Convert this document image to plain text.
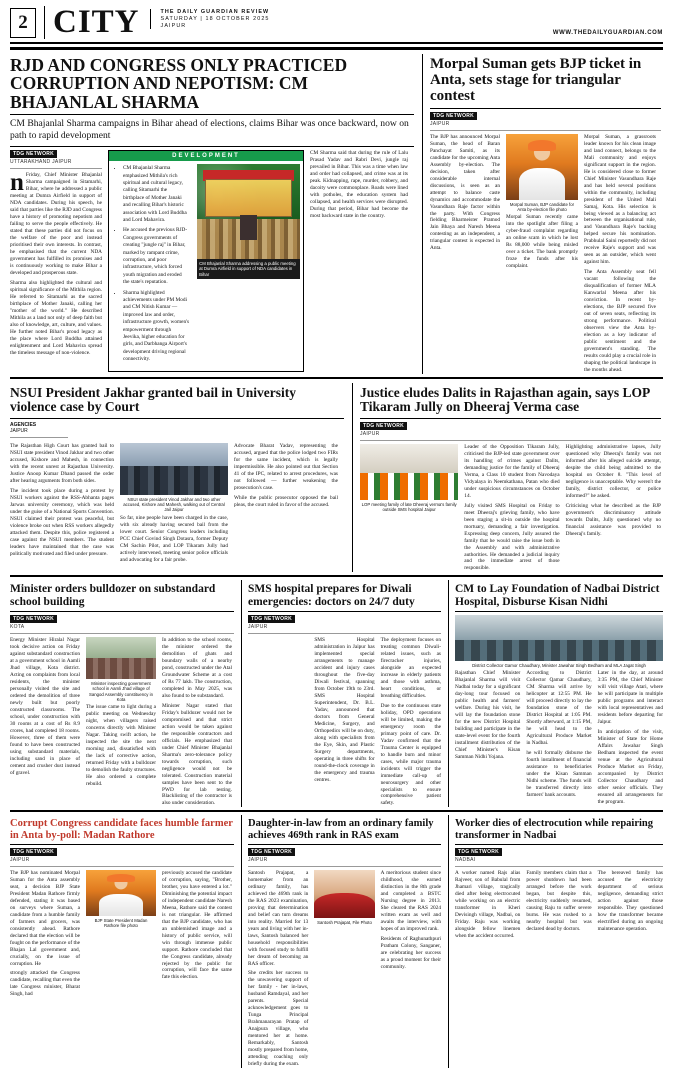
2 CITY	THE DAILY GUARDIAN REVIEW
SATURDAY | 18 OCTOBER 2025
JAIPUR
WWW.THEDAILYGUARDIAN.COM
RJD AND CONGRESS ONLY PRACTICED CORRUPTION AND NEPOTISM: CM BHAJANLAL SHARMA
CM Bhajanlal Sharma campaigns in Bihar ahead of elections, claims Bihar was once backward, now on path to rapid development
TDG NETWORK
UTTARAKHAND JAIPUR
nFriday, Chief Minister Bhajanlal Sharma campaigned in Sitamarhi, Bihar, where he addressed a public meeting at Dumra Airfield in support of NDA candidates. During his speech, he said that parties like the RJD and Congress have a history of promoting nepotism and failing to serve the people effectively. He stated that these parties did not focus on the welfare of the poor and instead prioritised their own interests. In contrast, he emphasised that the current NDA government has fulfilled its promises and is continuously working to make Bihar a developed and prosperous state.
Sharma also highlighted the cultural and spiritual significance of the Mithila region. He referred to Sitamarhi as the sacred birthplace of Mother Janaki, calling her "mother of the world." He described Mithila as a land not only of deep faith but also of knowledge, art, culture, and values. He further noted Bihar's proud legacy as the place where Lord Buddha attained enlightenment and Lord Mahavira spread the timeless message of non-violence.
DEVELOPMENT
• CM Bhajanlal Sharma emphasized Mithila's rich spiritual and cultural legacy, calling Sitamarhi the birthplace of Mother Janaki and recalling Bihar's historic association with Lord Buddha and Lord Mahavira.
• He accused the previous RJD-Congress governments of creating "jungle raj" in Bihar, marked by rampant crime, corruption, and poor infrastructure, which forced youth migration and eroded the state's reputation.
• Sharma highlighted achievements under PM Modi and CM Nitish Kumar — improved law and order, infrastructure growth, women's empowerment through Jeevika, higher education for girls, and Darbhanga Airport's development driving regional connectivity.
CM Bhajanlal Sharma addressing a public meeting at Dumra Airfield in support of NDA candidates in Bihar
CM Sharma said that during the rule of Lalu Prasad Yadav and Rabri Devi, jungle raj prevailed in Bihar. This was a time when law and order had collapsed, and crime was at its peak. Kidnapping, rape, murder, robbery, and dacoity were commonplace. Roads were lined with potholes, the education system had collapsed, and health services were disrupted. During that period, Bihar had become the most backward state in the country.
Morpal Suman gets BJP ticket in Anta, sets stage for triangular contest
TDG NETWORK
JAIPUR
The BJP has announced Morpal Suman, the head of Baran Panchayat Samiti, as its candidate for the upcoming Anta Assembly by-election. The decision, taken after considerable internal discussions, is seen as an attempt to balance caste dynamics and accommodate the Vasundhara Raje factor within the party. With Congress fielding Bharmeister Pramod Jain Bhaya and Naresh Meena contesting as an independent, a triangular contest is expected in Anta.
Morpal Suman, BJP candidate for Anta by-election file photo
Morpal Suman recently came into the spotlight after filing a cyber-fraud complaint regarding an online scam in which he lost Rs 88,000 while being misled over a ticket. The bank promptly froze the funds after his complaint.
Morpal Suman, a grassroots leader known for his clean image and land connect, belongs to the Mali community and enjoys significant support in the region. He is considered close to former Chief Minister Vasundhara Raje and has held several positions within the community, including president of the United Mali Samaj, Kota. His selection is being viewed as a balancing act between the organisational rule, and Vasundhara Raje's backing helped secure his nomination. Prabhulal Saini reportedly did not receive Raje's support and was seen as an outsider, which went against him.
The Anta Assembly seat fell vacant following the disqualification of former MLA Kanwarlal Meena after his conviction. In recent by-elections, the BJP secured five out of seven seats, reflecting its strong performance. Political observers view the Anta by-election as a key indicator of public sentiment and the government's standing. The results could play a crucial role in shaping the political landscape in the months ahead.
NSUI President Jakhar granted bail in University violence case by Court
AGENCIES
JAIPUR
The Rajasthan High Court has granted bail to NSUI state president Vinod Jakhar and two other accused, Kishore and Mahesh, in connection with the recent unrest at Rajasthan University. Justice Anoop Kumar Dhand passed the order after hearing arguments from both sides.
The incident took place during a protest by NSUI workers against the RSS-Abhanta pages Jarwas university ceremony, which was held under the guise of a National Sports Convention. NSUI claimed their protest was peaceful, but violence broke out when RSS workers allegedly attacked them. Despite this, police registered a case against the NSUI members. The student leaders have maintained that the case was politically motivated and filed under pressure.
NSUI state president Vinod Jakhar and two other accused, Kishore and Mahesh, walking out of Central Jail Jaipur
So far, nine people have been charged in the case, with six already having secured bail from the lower court. Senior Congress leaders including PCC Chief Govind Singh Dotasra, former Deputy CM Sachin Pilot, and LOP Tikaram Jully had actively intervened, meeting senior police officials and advocating for a fair probe.
Advocate Bharat Yadav, representing the accused, argued that the police lodged two FIRs for the same incident, which is legally impermissible. He also pointed out that Section 41 of the IPC, related to arrest procedures, was not followed — further weakening the prosecution's case.
While the public prosecutor opposed the bail pleas, the court ruled in favor of the accused.
Justice eludes Dalits in Rajasthan again, says LOP Tikaram Jully on Dheeraj Verma case
TDG NETWORK
JAIPUR
LOP meeting family of late Dheeraj verma's family outside SMS hospital Jaipur
Leader of the Opposition Tikaram Jully, criticised the BJP-led state government over its handling of crimes against Dalits, demanding justice for the family of Dheeraj Verma, a Class 10 student from Navodaya Vidyalaya in Neemkathana, Patan who died under suspicious circumstances on October 14.
Jully visited SMS Hospital on Friday to meet Dheeraj's grieving family, who have been staging a sit-in outside the hospital mortuary, demanding a fair investigation. Expressing deep concern, Jully assured the family that he would raise the issue both in the Assembly and with administrative authorities. He demanded a judicial inquiry and the immediate arrest of those responsible.
Highlighting administrative lapses, Jully questioned why Dheeraj's family was not informed after his alleged suicide attempt, despite the child being admitted to the hospital on October 8. "This level of negligence is unacceptable. Why weren't the family, district collector, or police informed?" he asked.
Criticising what he described as the BJP government's discriminatory attitude towards Dalits, Jully questioned why no financial assistance was provided to Dheeraj's family.
Minister orders bulldozer on substandard school building
TDG NETWORK
KOTA
Energy Minister Hiralal Nagar took decisive action on Friday against substandard construction at a government school in Aamli Jhad village, Kota district. Acting on complaints from local residents, the minister personally visited the site and ordered the demolition of three newly built but poorly constructed classrooms. The school, under construction with 30 rooms at a cost of Rs 8.9 crores, had completed 18 rooms. However, three of them were found to have been constructed using substandard materials, including sand in place of cement and crusher dust instead of gravel.
Minister inspecting government school in Aamli Jhad village of Sangod Assembly constituency in Kota
The issue came to light during a public meeting on Wednesday night, when villagers raised concerns directly with Minister Nagar. Taking swift action, he inspected the site the next morning and, dissatisfied with the lack of corrective action, returned Friday with a bulldozer to demolish the faulty structures. He also ordered a complete rebuild.
In addition to the school rooms, the minister ordered the demolition of ghats and boundary walls of a nearby pond, constructed under the Atal Groundwater Scheme at a cost of Rs 77 lakh. The construction, completed in May 2025, was also found to be substandard.
Minister Nagar stated that Friday's bulldozer would not be compromised and that strict action would be taken against the responsible contractors and officials. He emphasized that under Chief Minister Bhajanlal Sharma's zero-tolerance policy towards corruption, such negligence would not be tolerated. Construction material samples have been sent to the PWD for lab testing. Blacklisting of the contractor is also under consideration.
SMS hospital prepares for Diwali emergencies: doctors on 24/7 duty
TDG NETWORK
JAIPUR
SMS Hospital administration in Jaipur has implemented special arrangements to manage accident and injury cases throughout the five-day Diwali festival, spanning from October 19th to 23rd. SMS Hospital Superintendent, Dr. B.L. Yadav, announced that doctors from General Medicine, Surgery, and Orthopedics will be on duty, along with specialists from the Eye, Skin, and Plastic Surgery departments, operating in three shifts for round-the-clock coverage in the emergency and trauma centres.
The deployment focuses on treating common Diwali-related issues, such as firecracker injuries, alongside an expected increase in elderly patients and those with asthma, heart conditions, or breathing difficulties.
Due to the continuous state holiday, OPD operations will be limited, making the emergency room the primary point of care. Dr. Yadav confirmed that the Trauma Center is equipped to handle burn and minor cases, while major trauma incidents will trigger the immediate call-up of neurosurgery and other specialists to ensure comprehensive patient safety.
CM to Lay Foundation of Nadbai District Hospital, Disburse Kisan Nidhi
District Collector Gamor Chaudhary, Minister Jawahar Singh Bedham and MLA Jagat Singh
Rajasthan Chief Minister Bhajanlal Sharma will visit Nadbai today for a significant day-long tour focused on public health and farmers' welfare. During his visit, he will lay the foundation stone for the new District Hospital building and participate in the state-level event for the fourth installment distribution of the Chief Minister's Kisan Samman Nidhi Yojana.
According to District Collector Qamar Chaudhary, CM Sharma will arrive by helicopter at 12:55 PM. He will proceed directly to lay the foundation stone of the District Hospital at 1:05 PM. Shortly afterward, at 1:15 PM, he will head to the Agricultural Produce Market in Nadbai.
he will formally disburse the fourth installment of financial assistance to beneficiaries under the Kisan Samman Nidhi scheme. The funds will be transferred directly into farmers' bank accounts.
Later in the day, at around 3:35 PM, the Chief Minister will visit village Atari, where he will participate in multiple public programs and interact with local representatives and residents before departing for Jaipur.
In anticipation of the visit, Minister of State for Home Affairs Jawahar Singh Bedham inspected the event venue at the Agricultural Produce Market on Friday, accompanied by District Collector Chaudhary and other senior officials. They ensured all arrangements for the program.
Corrupt Congress candidate faces humble farmer in Anta by-poll: Madan Rathore
TDG NETWORK
JAIPUR
The BJP has nominated Morpal Suman for the Anta assembly seat, a decision BJP State President Madan Rathore firmly defended, stating it was based on surveys where Suman, a candidate from a humble family of farmers and grocers, was consistently ahead. Rathore declared that the election will be fought on the performance of the Bhajan Lal government and, crucially, on the issue of corruption. He
strongly attacked the Congress candidate, recalling that even the late Congress minister, Bharat Singh, had
BJP State President Madan Rathore file photo
previously accused the candidate of corruption, saying, "Brother, brother, you have entered a lot." Diminishing the potential impact of independent candidate Naresh Meena, Rathore said the contest is not triangular. He affirmed that the BJP candidate, who has an unblemished image and a history of public service, will win through immense public support. Rathore concluded that the Congress candidate, already rejected by the public for corruption, will face the same fate this election.
Daughter-in-law from an ordinary family achieves 469th rank in RAS exam
TDG NETWORK
JAIPUR
Santosh Prajapat, a homemaker from an ordinary family, has achieved the 469th rank in the RAS 2023 examination, proving that determination and belief can turn dreams into reality. Married for 13 years and living with her in-laws, Santosh balanced her household responsibilities with focused study to fulfill her dream of becoming an RAS officer.
She credits her success to the unwavering support of her family - her in-laws, husband Ramdayal, and her parents. Special acknowledgement goes to Tunga Principal Brahmanarayan Pratap of Anajpura village, who mentored her at home. Remarkably, Santosh mostly prepared from home, attending coaching only briefly during the exam.
Santosh Prajapat, File Photo
A meritorious student since childhood, she earned distinction in the 8th grade and completed a BSTC Nursing degree in 2013. She cleared the RAS 2024 written exam as well and awaits the interview, with hopes of an improved rank.
Residents of Raghunathpuri Pratham Colony, Sanganer, are celebrating her success as a proud moment for their community.
Worker dies of electrocution while repairing transformer in Nadbai
TDG NETWORK
NADBAI
A worker named Rajs alias Rajveer, son of Babulal from Jhamari village, tragically died after being electrocuted while working on an electric transformer in Kheri Devisingh village, Nadbai, on Friday. Raju was working alongside fellow linemen when the accident occurred.
Family members claim that a power shutdown had been arranged before the work began, but despite this, electricity suddenly resumed, causing Raju to suffer severe burns. He was rushed to a nearby hospital but was declared dead by doctors.
The bereaved family has accused the electricity department of serious negligence, demanding strict action against those responsible. They questioned how the transformer became electrified during an ongoing maintenance operation.
